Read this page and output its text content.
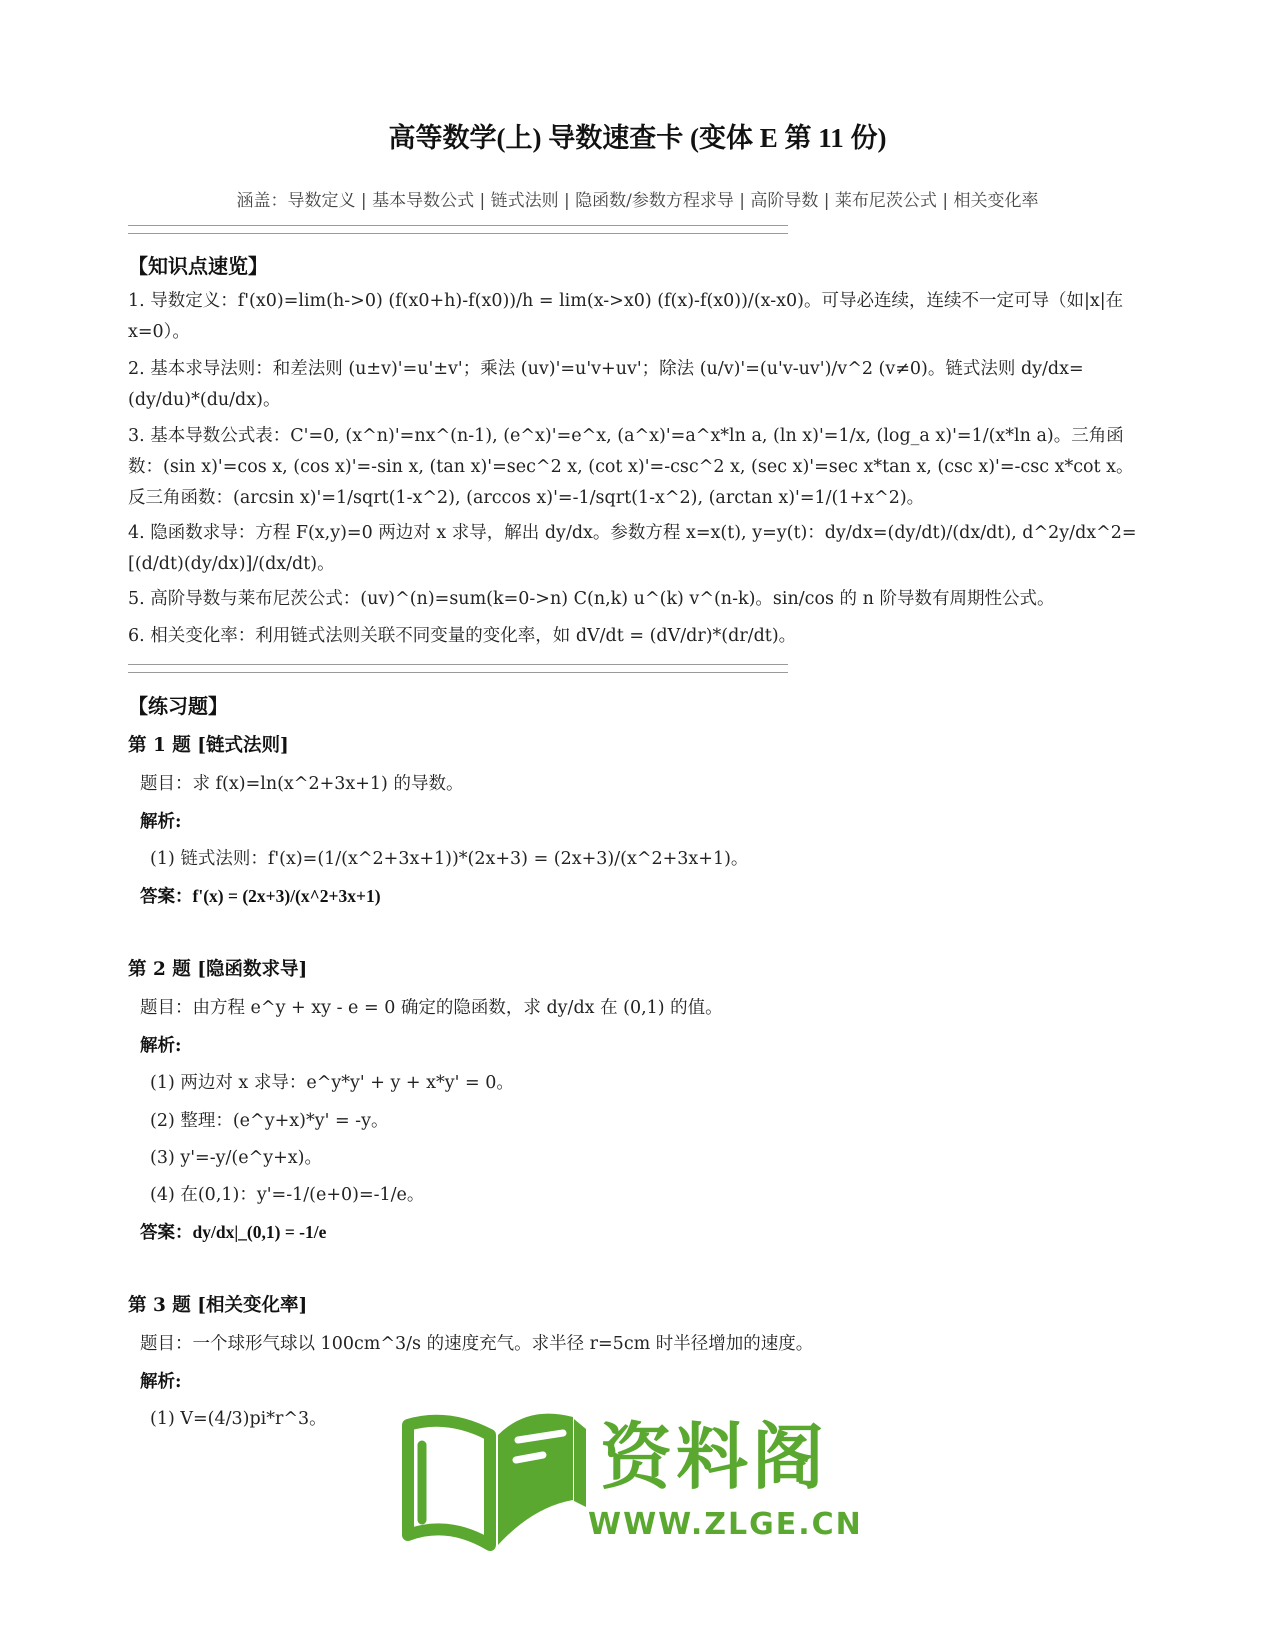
高等数学(上) 导数速查卡 (变体 E 第 11 份)
涵盖：导数定义 | 基本导数公式 | 链式法则 | 隐函数/参数方程求导 | 高阶导数 | 莱布尼茨公式 | 相关变化率
【知识点速览】
1. 导数定义：f'(x0)=lim(h->0) (f(x0+h)-f(x0))/h = lim(x->x0) (f(x)-f(x0))/(x-x0)。可导必连续，连续不一定可导（如|x|在 x=0）。
2. 基本求导法则：和差法则 (u±v)'=u'±v'；乘法 (uv)'=u'v+uv'；除法 (u/v)'=(u'v-uv')/v^2 (v≠0)。链式法则 dy/dx=(dy/du)*(du/dx)。
3. 基本导数公式表：C'=0, (x^n)'=nx^(n-1), (e^x)'=e^x, (a^x)'=a^x*ln a, (ln x)'=1/x, (log_a x)'=1/(x*ln a)。三角函数：(sin x)'=cos x, (cos x)'=-sin x, (tan x)'=sec^2 x, (cot x)'=-csc^2 x, (sec x)'=sec x*tan x, (csc x)'=-csc x*cot x。反三角函数：(arcsin x)'=1/sqrt(1-x^2), (arccos x)'=-1/sqrt(1-x^2), (arctan x)'=1/(1+x^2)。
4. 隐函数求导：方程 F(x,y)=0 两边对 x 求导，解出 dy/dx。参数方程 x=x(t), y=y(t)：dy/dx=(dy/dt)/(dx/dt), d^2y/dx^2=[(d/dt)(dy/dx)]/(dx/dt)。
5. 高阶导数与莱布尼茨公式：(uv)^(n)=sum(k=0->n) C(n,k) u^(k) v^(n-k)。sin/cos 的 n 阶导数有周期性公式。
6. 相关变化率：利用链式法则关联不同变量的变化率，如 dV/dt = (dV/dr)*(dr/dt)。
【练习题】
第 1 题 [链式法则]
题目：求 f(x)=ln(x^2+3x+1) 的导数。
解析:
(1) 链式法则：f'(x)=(1/(x^2+3x+1))*(2x+3) = (2x+3)/(x^2+3x+1)。
答案：f'(x) = (2x+3)/(x^2+3x+1)
第 2 题 [隐函数求导]
题目：由方程 e^y + xy - e = 0 确定的隐函数，求 dy/dx 在 (0,1) 的值。
解析:
(1) 两边对 x 求导：e^y*y' + y + x*y' = 0。
(2) 整理：(e^y+x)*y' = -y。
(3) y'=-y/(e^y+x)。
(4) 在(0,1)：y'=-1/(e+0)=-1/e。
答案：dy/dx|_(0,1) = -1/e
第 3 题 [相关变化率]
题目：一个球形气球以 100cm^3/s 的速度充气。求半径 r=5cm 时半径增加的速度。
解析:
(1) V=(4/3)pi*r^3。	资料阁
WWW.ZLGE.CN
